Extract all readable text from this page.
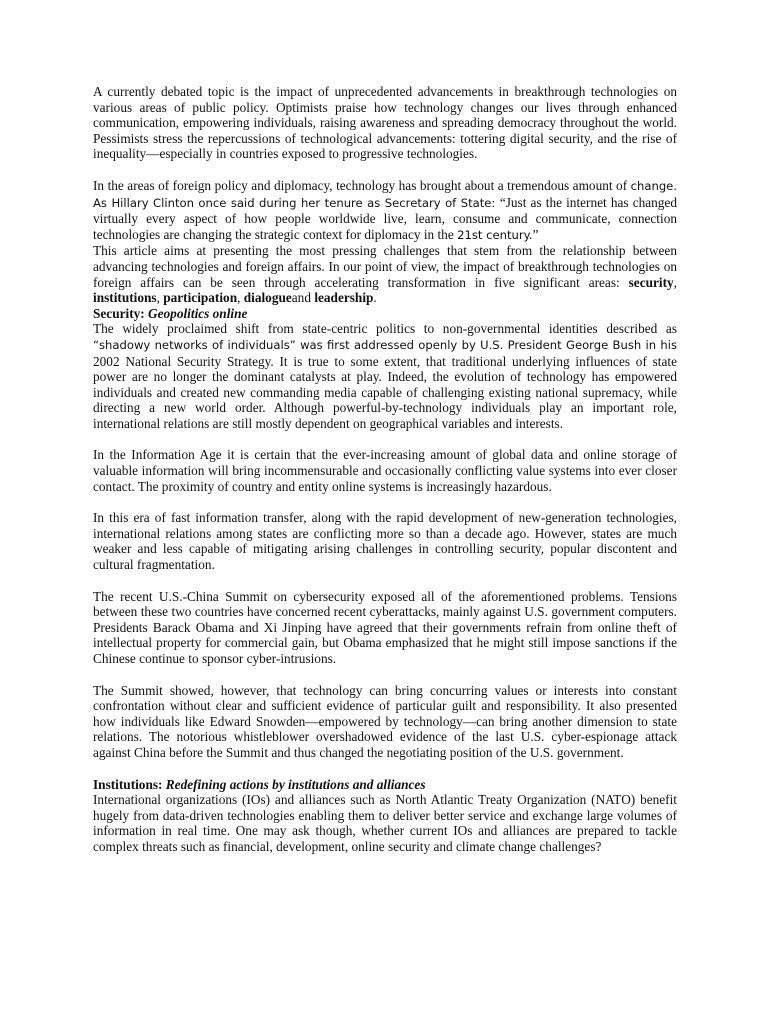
A currently debated topic is the impact of unprecedented advancements in breakthrough technologies on various areas of public policy. Optimists praise how technology changes our lives through enhanced communication, empowering individuals, raising awareness and spreading democracy throughout the world. Pessimists stress the repercussions of technological advancements: tottering digital security, and the rise of inequality—especially in countries exposed to progressive technologies.

In the areas of foreign policy and diplomacy, technology has brought about a tremendous amount of change. As Hillary Clinton once said during her tenure as Secretary of State: “Just as the internet has changed virtually every aspect of how people worldwide live, learn, consume and communicate, connection technologies are changing the strategic context for diplomacy in the 21st century.”

This article aims at presenting the most pressing challenges that stem from the relationship between advancing technologies and foreign affairs. In our point of view, the impact of breakthrough technologies on foreign affairs can be seen through accelerating transformation in five significant areas: security, institutions, participation, dialogueand leadership.

Security: Geopolitics online

The widely proclaimed shift from state-centric politics to non-governmental identities described as “shadowy networks of individuals” was first addressed openly by U.S. President George Bush in his 2002 National Security Strategy. It is true to some extent, that traditional underlying influences of state power are no longer the dominant catalysts at play. Indeed, the evolution of technology has empowered individuals and created new commanding media capable of challenging existing national supremacy, while directing a new world order. Although powerful-by-technology individuals play an important role, international relations are still mostly dependent on geographical variables and interests.

In the Information Age it is certain that the ever-increasing amount of global data and online storage of valuable information will bring incommensurable and occasionally conflicting value systems into ever closer contact. The proximity of country and entity online systems is increasingly hazardous.

In this era of fast information transfer, along with the rapid development of new-generation technologies, international relations among states are conflicting more so than a decade ago. However, states are much weaker and less capable of mitigating arising challenges in controlling security, popular discontent and cultural fragmentation.

The recent U.S.-China Summit on cybersecurity exposed all of the aforementioned problems. Tensions between these two countries have concerned recent cyberattacks, mainly against U.S. government computers. Presidents Barack Obama and Xi Jinping have agreed that their governments refrain from online theft of intellectual property for commercial gain, but Obama emphasized that he might still impose sanctions if the Chinese continue to sponsor cyber-intrusions.

The Summit showed, however, that technology can bring concurring values or interests into constant confrontation without clear and sufficient evidence of particular guilt and responsibility. It also presented how individuals like Edward Snowden—empowered by technology—can bring another dimension to state relations. The notorious whistleblower overshadowed evidence of the last U.S. cyber-espionage attack against China before the Summit and thus changed the negotiating position of the U.S. government.

Institutions: Redefining actions by institutions and alliances

International organizations (IOs) and alliances such as North Atlantic Treaty Organization (NATO) benefit hugely from data-driven technologies enabling them to deliver better service and exchange large volumes of information in real time. One may ask though, whether current IOs and alliances are prepared to tackle complex threats such as financial, development, online security and climate change challenges?
